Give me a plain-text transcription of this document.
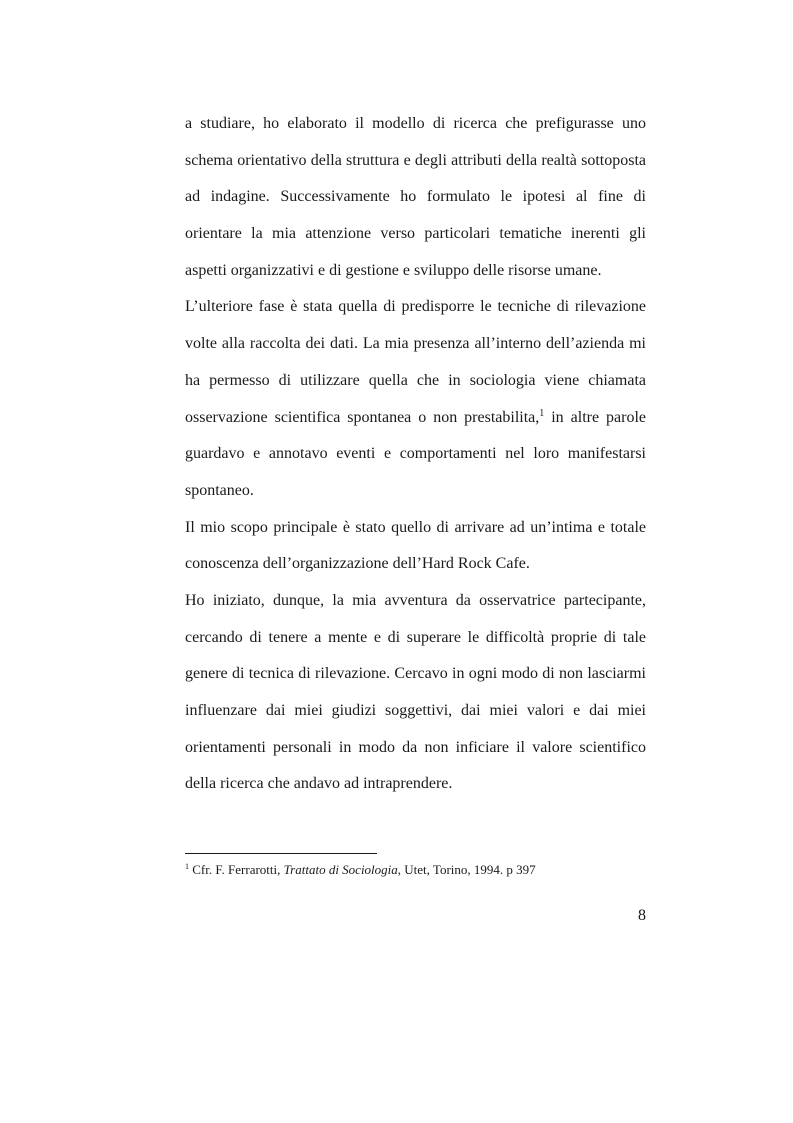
a studiare, ho elaborato il modello di ricerca che prefigurasse uno
schema orientativo della struttura e degli attributi della realtà sottoposta
ad indagine. Successivamente ho formulato le ipotesi al fine di
orientare la mia attenzione verso particolari tematiche inerenti gli
aspetti organizzativi e di gestione e sviluppo delle risorse umane.
L’ulteriore fase è stata quella di predisporre le tecniche di rilevazione
volte alla raccolta dei dati. La mia presenza all’interno dell’azienda mi
ha permesso di utilizzare quella che in sociologia viene chiamata
osservazione scientifica spontanea o non prestabilita,$^1$ in altre parole
guardavo e annotavo eventi e comportamenti nel loro manifestarsi
spontaneo.
Il mio scopo principale è stato quello di arrivare ad un’intima e totale
conoscenza dell’organizzazione dell’Hard Rock Cafe.
Ho iniziato, dunque, la mia avventura da osservatrice partecipante,
cercando di tenere a mente e di superare le difficoltà proprie di tale
genere di tecnica di rilevazione. Cercavo in ogni modo di non lasciarmi
influenzare dai miei giudizi soggettivi, dai miei valori e dai miei
orientamenti personali in modo da non inficiare il valore scientifico
della ricerca che andavo ad intraprendere.
$^1$ Cfr. F. Ferrarotti, Trattato di Sociologia, Utet, Torino, 1994. p 397
8
